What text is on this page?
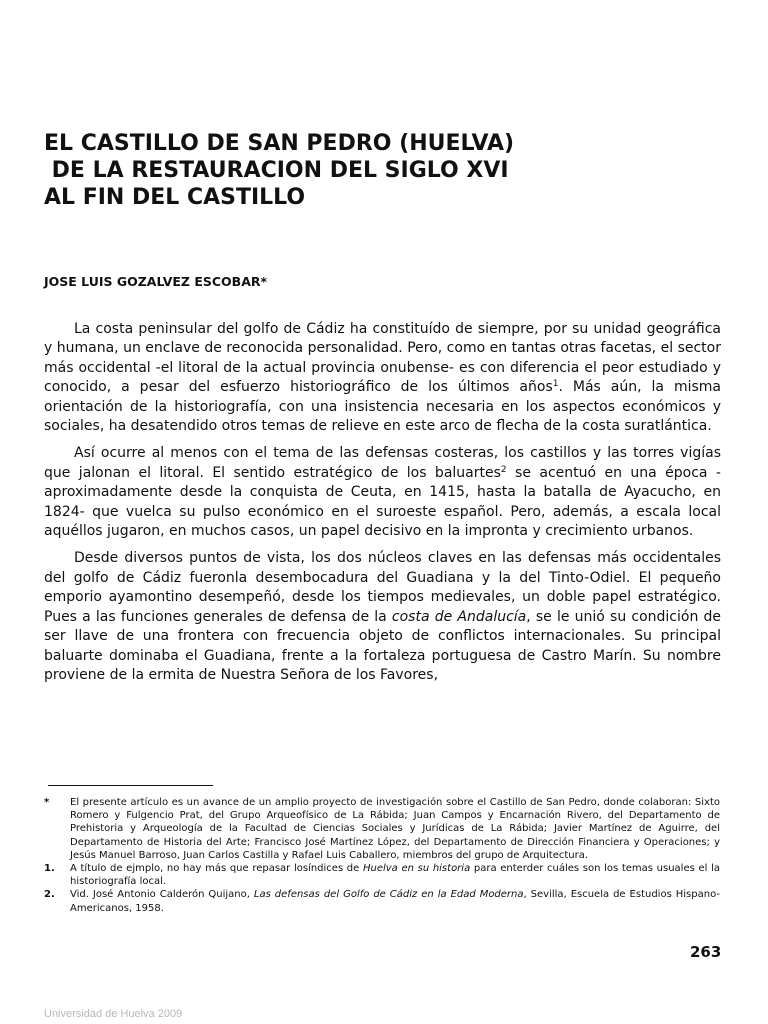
EL CASTILLO DE SAN PEDRO (HUELVA)
DE LA RESTAURACION DEL SIGLO XVI
AL FIN DEL CASTILLO
JOSE LUIS GOZALVEZ ESCOBAR*

La costa peninsular del golfo de Cádiz ha constituído de siempre, por su unidad geográfica y humana, un enclave de reconocida personalidad. Pero, como en tantas otras facetas, el sector más occidental -el litoral de la actual provincia onubense- es con diferencia el peor estudiado y conocido, a pesar del esfuerzo historiográfico de los últimos años$^1$. Más aún, la misma orientación de la historiografía, con una insistencia necesaria en los aspectos económicos y sociales, ha desatendido otros temas de relieve en este arco de flecha de la costa suratlántica.

Así ocurre al menos con el tema de las defensas costeras, los castillos y las torres vigías que jalonan el litoral. El sentido estratégico de los baluartes$^2$ se acentuó en una época -aproximadamente desde la conquista de Ceuta, en 1415, hasta la batalla de Ayacucho, en 1824- que vuelca su pulso económico en el suroeste español. Pero, además, a escala local aquéllos jugaron, en muchos casos, un papel decisivo en la impronta y crecimiento urbanos.

Desde diversos puntos de vista, los dos núcleos claves en las defensas más occidentales del golfo de Cádiz fueronla desembocadura del Guadiana y la del Tinto-Odiel. El pequeño emporio ayamontino desempeñó, desde los tiempos medievales, un doble papel estratégico. Pues a las funciones generales de defensa de la costa de Andalucía, se le unió su condición de ser llave de una frontera con frecuencia objeto de conflictos internacionales. Su principal baluarte dominaba el Guadiana, frente a la fortaleza portuguesa de Castro Marín. Su nombre proviene de la ermita de Nuestra Señora de los Favores,

*	El presente artículo es un avance de un amplio proyecto de investigación sobre el Castillo de San Pedro, donde colaboran: Sixto Romero y Fulgencio Prat, del Grupo Arqueofísico de La Rábida; Juan Campos y Encarnación Rivero, del Departamento de Prehistoria y Arqueología de la Facultad de Ciencias Sociales y Jurídicas de La Rábida; Javier Martínez de Aguirre, del Departamento de Historia del Arte; Francisco José Martínez López, del Departamento de Dirección Financiera y Operaciones; y Jesús Manuel Barroso, Juan Carlos Castilla y Rafael Luis Caballero, miembros del grupo de Arquitectura.
1.	A título de ejmplo, no hay más que repasar losíndices de Huelva en su historia para enterder cuáles son los temas usuales el la historiografía local.
2.	Vid. José Antonio Calderón Quijano, Las defensas del Golfo de Cádiz en la Edad Moderna, Sevilla, Escuela de Estudios Hispano-Americanos, 1958.
263
Universidad de Huelva 2009
